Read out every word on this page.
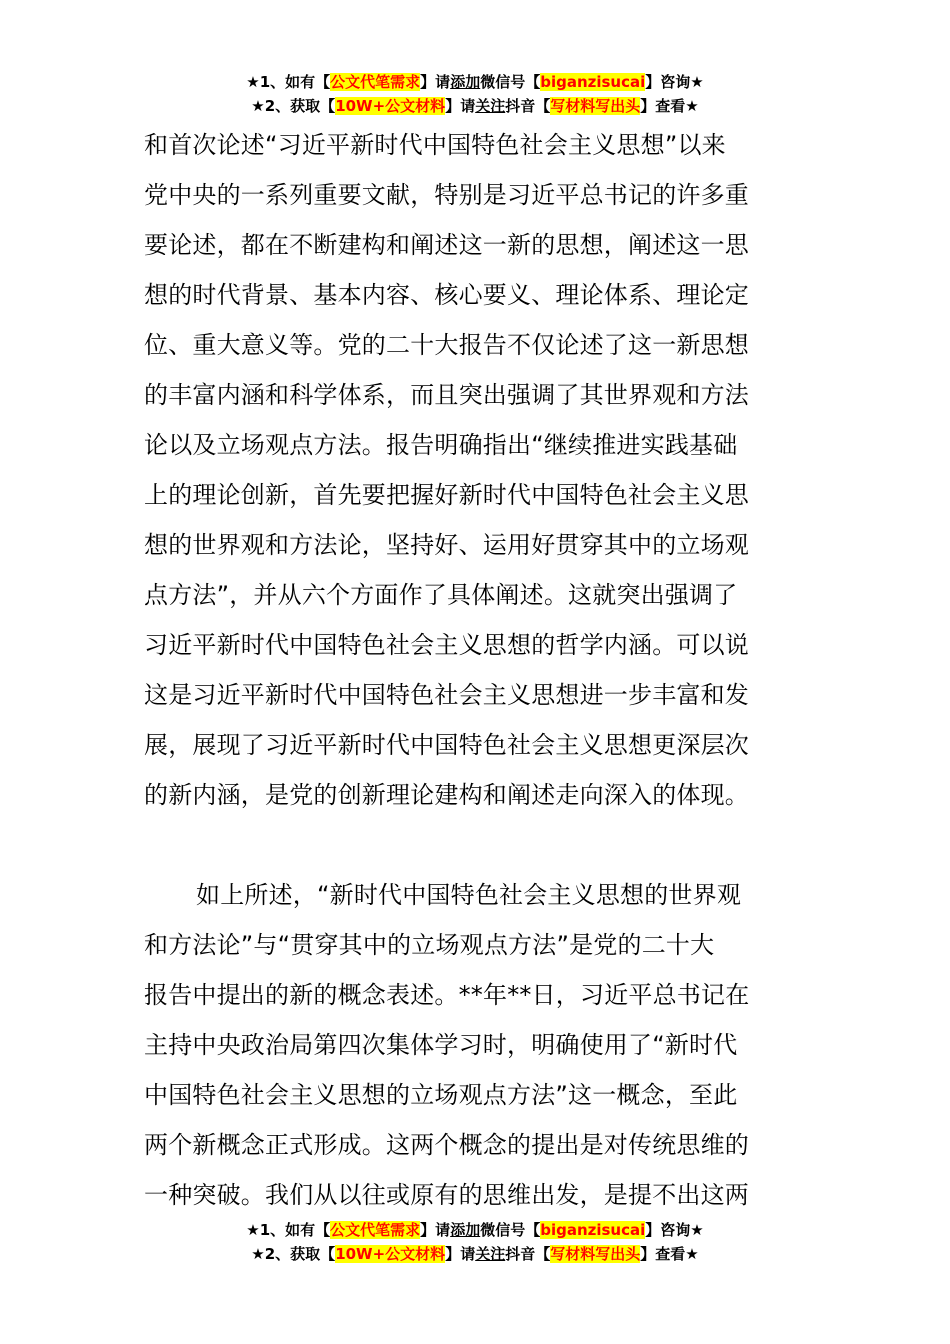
★1、如有【公文代笔需求】请添加微信号【biganzisucai】咨询★
★2、获取【10W+公文材料】请关注抖音【写材料写出头】查看★
和首次论述“习近平新时代中国特色社会主义思想”以来
党中央的一系列重要文献，特别是习近平总书记的许多重
要论述，都在不断建构和阐述这一新的思想，阐述这一思
想的时代背景、基本内容、核心要义、理论体系、理论定
位、重大意义等。党的二十大报告不仅论述了这一新思想
的丰富内涵和科学体系，而且突出强调了其世界观和方法
论以及立场观点方法。报告明确指出“继续推进实践基础
上的理论创新，首先要把握好新时代中国特色社会主义思
想的世界观和方法论，坚持好、运用好贯穿其中的立场观
点方法”，并从六个方面作了具体阐述。这就突出强调了
习近平新时代中国特色社会主义思想的哲学内涵。可以说
这是习近平新时代中国特色社会主义思想进一步丰富和发
展，展现了习近平新时代中国特色社会主义思想更深层次
的新内涵，是党的创新理论建构和阐述走向深入的体现。
如上所述，“新时代中国特色社会主义思想的世界观
和方法论”与“贯穿其中的立场观点方法”是党的二十大
报告中提出的新的概念表述。**年**日，习近平总书记在
主持中央政治局第四次集体学习时，明确使用了“新时代
中国特色社会主义思想的立场观点方法”这一概念，至此
两个新概念正式形成。这两个概念的提出是对传统思维的
一种突破。我们从以往或原有的思维出发，是提不出这两
★1、如有【公文代笔需求】请添加微信号【biganzisucai】咨询★
★2、获取【10W+公文材料】请关注抖音【写材料写出头】查看★
